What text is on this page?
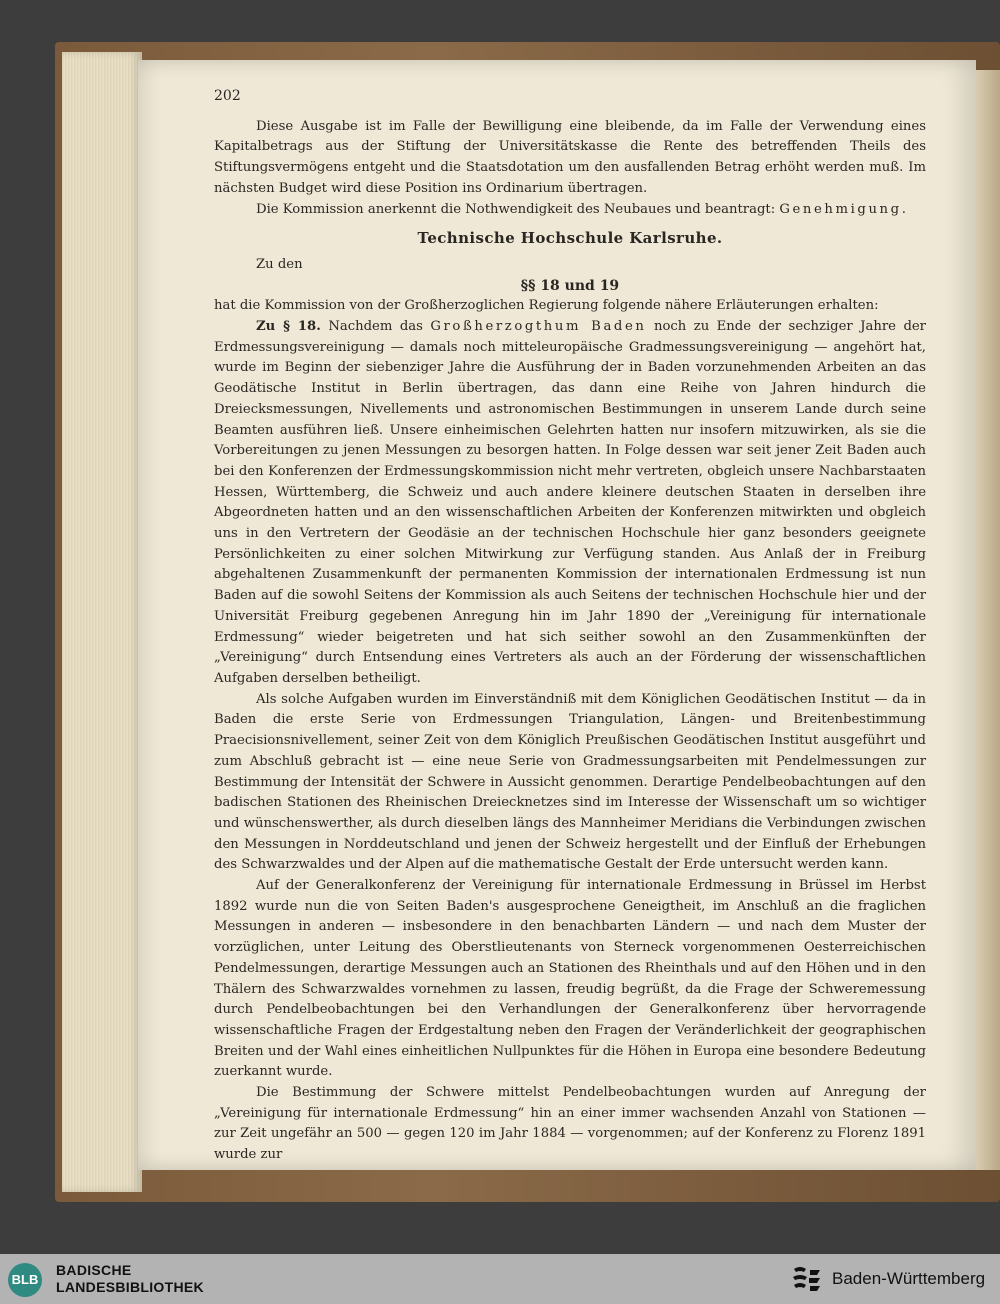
202

Diese Ausgabe ist im Falle der Bewilligung eine bleibende, da im Falle der Verwendung eines Kapitalbetrags aus der Stiftung der Universitätskasse die Rente des betreffenden Theils des Stiftungsvermögens entgeht und die Staatsdotation um den ausfallenden Betrag erhöht werden muß. Im nächsten Budget wird diese Position ins Ordinarium übertragen.

Die Kommission anerkennt die Nothwendigkeit des Neubaues und beantragt: Genehmigung.

Technische Hochschule Karlsruhe.

Zu den

§§ 18 und 19

hat die Kommission von der Großherzoglichen Regierung folgende nähere Erläuterungen erhalten:

Zu § 18. Nachdem das Großherzogthum Baden noch zu Ende der sechziger Jahre der Erdmessungsvereinigung — damals noch mitteleuropäische Gradmessungsvereinigung — angehört hat, wurde im Beginn der siebenziger Jahre die Ausführung der in Baden vorzunehmenden Arbeiten an das Geodätische Institut in Berlin übertragen, das dann eine Reihe von Jahren hindurch die Dreiecksmessungen, Nivellements und astronomischen Bestimmungen in unserem Lande durch seine Beamten ausführen ließ. Unsere einheimischen Gelehrten hatten nur insofern mitzuwirken, als sie die Vorbereitungen zu jenen Messungen zu besorgen hatten. In Folge dessen war seit jener Zeit Baden auch bei den Konferenzen der Erdmessungskommission nicht mehr vertreten, obgleich unsere Nachbarstaaten Hessen, Württemberg, die Schweiz und auch andere kleinere deutschen Staaten in derselben ihre Abgeordneten hatten und an den wissenschaftlichen Arbeiten der Konferenzen mitwirkten und obgleich uns in den Vertretern der Geodäsie an der technischen Hochschule hier ganz besonders geeignete Persönlichkeiten zu einer solchen Mitwirkung zur Verfügung standen. Aus Anlaß der in Freiburg abgehaltenen Zusammenkunft der permanenten Kommission der internationalen Erdmessung ist nun Baden auf die sowohl Seitens der Kommission als auch Seitens der technischen Hochschule hier und der Universität Freiburg gegebenen Anregung hin im Jahr 1890 der „Vereinigung für internationale Erdmessung“ wieder beigetreten und hat sich seither sowohl an den Zusammenkünften der „Vereinigung“ durch Entsendung eines Vertreters als auch an der Förderung der wissenschaftlichen Aufgaben derselben betheiligt.

Als solche Aufgaben wurden im Einverständniß mit dem Königlichen Geodätischen Institut — da in Baden die erste Serie von Erdmessungen Triangulation, Längen- und Breitenbestimmung Praecisionsnivellement, seiner Zeit von dem Königlich Preußischen Geodätischen Institut ausgeführt und zum Abschluß gebracht ist — eine neue Serie von Gradmessungsarbeiten mit Pendelmessungen zur Bestimmung der Intensität der Schwere in Aussicht genommen. Derartige Pendelbeobachtungen auf den badischen Stationen des Rheinischen Dreiecknetzes sind im Interesse der Wissenschaft um so wichtiger und wünschenswerther, als durch dieselben längs des Mannheimer Meridians die Verbindungen zwischen den Messungen in Norddeutschland und jenen der Schweiz hergestellt und der Einfluß der Erhebungen des Schwarzwaldes und der Alpen auf die mathematische Gestalt der Erde untersucht werden kann.

Auf der Generalkonferenz der Vereinigung für internationale Erdmessung in Brüssel im Herbst 1892 wurde nun die von Seiten Baden's ausgesprochene Geneigtheit, im Anschluß an die fraglichen Messungen in anderen — insbesondere in den benachbarten Ländern — und nach dem Muster der vorzüglichen, unter Leitung des Oberstlieutenants von Sterneck vorgenommenen Oesterreichischen Pendelmessungen, derartige Messungen auch an Stationen des Rheinthals und auf den Höhen und in den Thälern des Schwarzwaldes vornehmen zu lassen, freudig begrüßt, da die Frage der Schweremessung durch Pendelbeobachtungen bei den Verhandlungen der Generalkonferenz über hervorragende wissenschaftliche Fragen der Erdgestaltung neben den Fragen der Veränderlichkeit der geographischen Breiten und der Wahl eines einheitlichen Nullpunktes für die Höhen in Europa eine besondere Bedeutung zuerkannt wurde.

Die Bestimmung der Schwere mittelst Pendelbeobachtungen wurden auf Anregung der „Vereinigung für internationale Erdmessung“ hin an einer immer wachsenden Anzahl von Stationen — zur Zeit ungefähr an 500 — gegen 120 im Jahr 1884 — vorgenommen; auf der Konferenz zu Florenz 1891 wurde zur

BLB
BADISCHE
LANDESBIBLIOTHEK	Baden-Württemberg
